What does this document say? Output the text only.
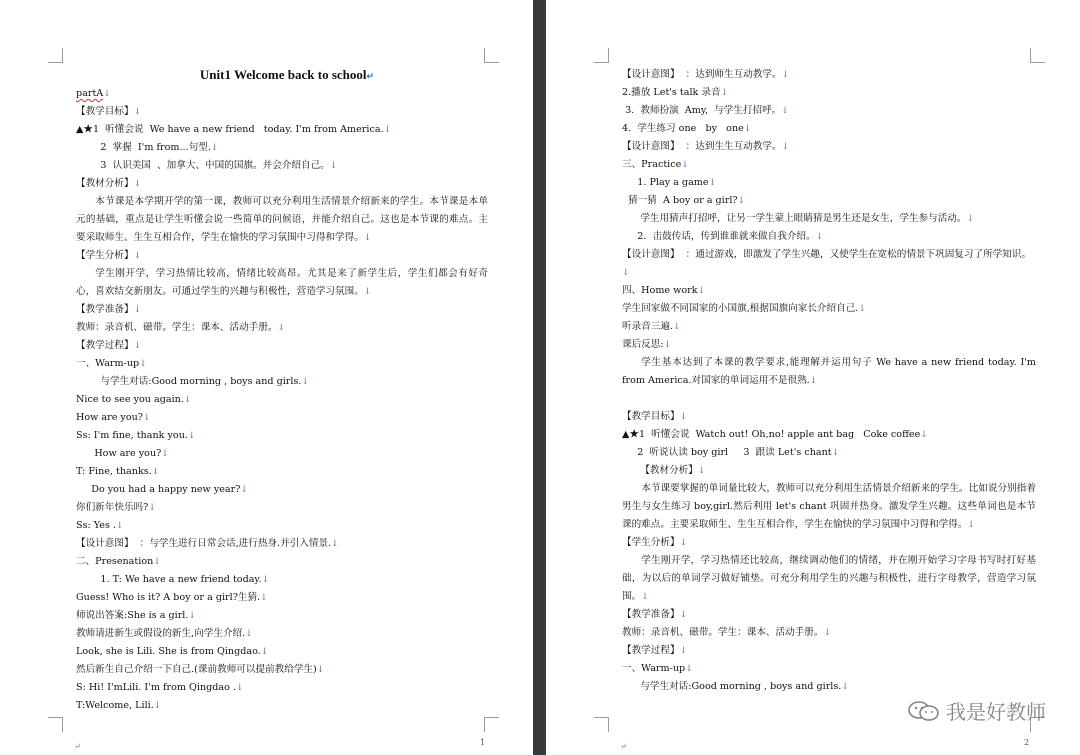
Unit1 Welcome back to school↵
partA↓
【教学目标】↓
▲★1  听懂会说  We have a new friend   today. I'm from America.↓
2  掌握  I'm from...句型.↓
3  认识美国  、加拿大、中国的国旗。并会介绍自己。↓
【教材分析】↓
本节课是本学期开学的第一课，教师可以充分利用生活情景介绍新来的学生。本节课是本单元的基础，重点是让学生听懂会说一些简单的问候语，并能介绍自己。这也是本节课的难点。主要采取师生、生生互相合作，学生在愉快的学习氛围中习得和学得。↓
【学生分析】↓
学生刚开学，学习热情比较高，情绪比较高昂。尤其是来了新学生后，学生们都会有好奇心，喜欢结交新朋友。可通过学生的兴趣与积极性，营造学习氛围。↓
【教学准备】↓
教师：录音机、磁带。学生：课本、活动手册。↓
【教学过程】↓
一、Warm-up↓
与学生对话:Good morning , boys and girls.↓
Nice to see you again.↓
How are you?↓
Ss: I'm fine, thank you.↓
How are you?↓
T: Fine, thanks.↓
Do you had a happy new year?↓
你们新年快乐吗?↓
Ss: Yes .↓
【设计意图】  ：与学生进行日常会话,进行热身.并引入情景.↓
二、Presenation↓
1. T: We have a new friend today.↓
Guess! Who is it? A boy or a girl?生猜.↓
师说出答案:She is a girl.↓
教师请进新生或假设的新生,向学生介绍.↓
Look, she is Lili. She is from Qingdao.↓
然后新生自己介绍一下自己.(课前教师可以提前教给学生)↓
S: Hi! I'mLili. I'm from Qingdao .↓
T:Welcome, Lili.↓
1
↵
【设计意图】  ：达到师生互动教学。↓
2.播放 Let's talk 录音↓
3.  教师扮演  Amy,  与学生打招呼。↓
4.  学生练习 one   by   one↓
【设计意图】  ：达到生生互动教学。↓
三、Practice↓
1. Play a game↓
猜一猜  A boy or a girl?↓
学生用猜声打招呼，让另一学生蒙上眼睛猜是男生还是女生，学生参与活动。↓
2.  击鼓传话，传到谁谁就来做自我介绍。↓
【设计意图】  ：通过游戏，即激发了学生兴趣，又使学生在宽松的情景下巩固复习了所学知识。↓
四、Home work↓
学生回家做不同国家的小国旗,根据国旗向家长介绍自己.↓
听录音三遍.↓
课后反思:↓
学生基本达到了本课的教学要求,能理解并运用句子 We have a new friend today. I'm from America.对国家的单词运用不是很熟.↓

【教学目标】↓
▲★1  听懂会说  Watch out! Oh,no! apple ant bag   Coke coffee↓
2  听说认读 boy girl     3  跟读 Let's chant↓
【教材分析】↓
本节课要掌握的单词量比较大，教师可以充分利用生活情景介绍新来的学生。比如说分别指着男生与女生练习 boy,girl.然后利用 let's chant 巩固并热身。激发学生兴趣。这些单词也是本节课的难点。主要采取师生、生生互相合作，学生在愉快的学习氛围中习得和学得。↓
【学生分析】↓
学生刚开学，学习热情还比较高，继续调动他们的情绪，并在刚开始学习字母书写时打好基础，为以后的单词学习做好铺垫。可充分利用学生的兴趣与积极性，进行字母教学，营造学习氛围。↓
【教学准备】↓
教师：录音机、磁带。学生：课本、活动手册。↓
【教学过程】↓
一、Warm-up↓
与学生对话:Good morning , boys and girls.↓
2
↵
我是好教师
